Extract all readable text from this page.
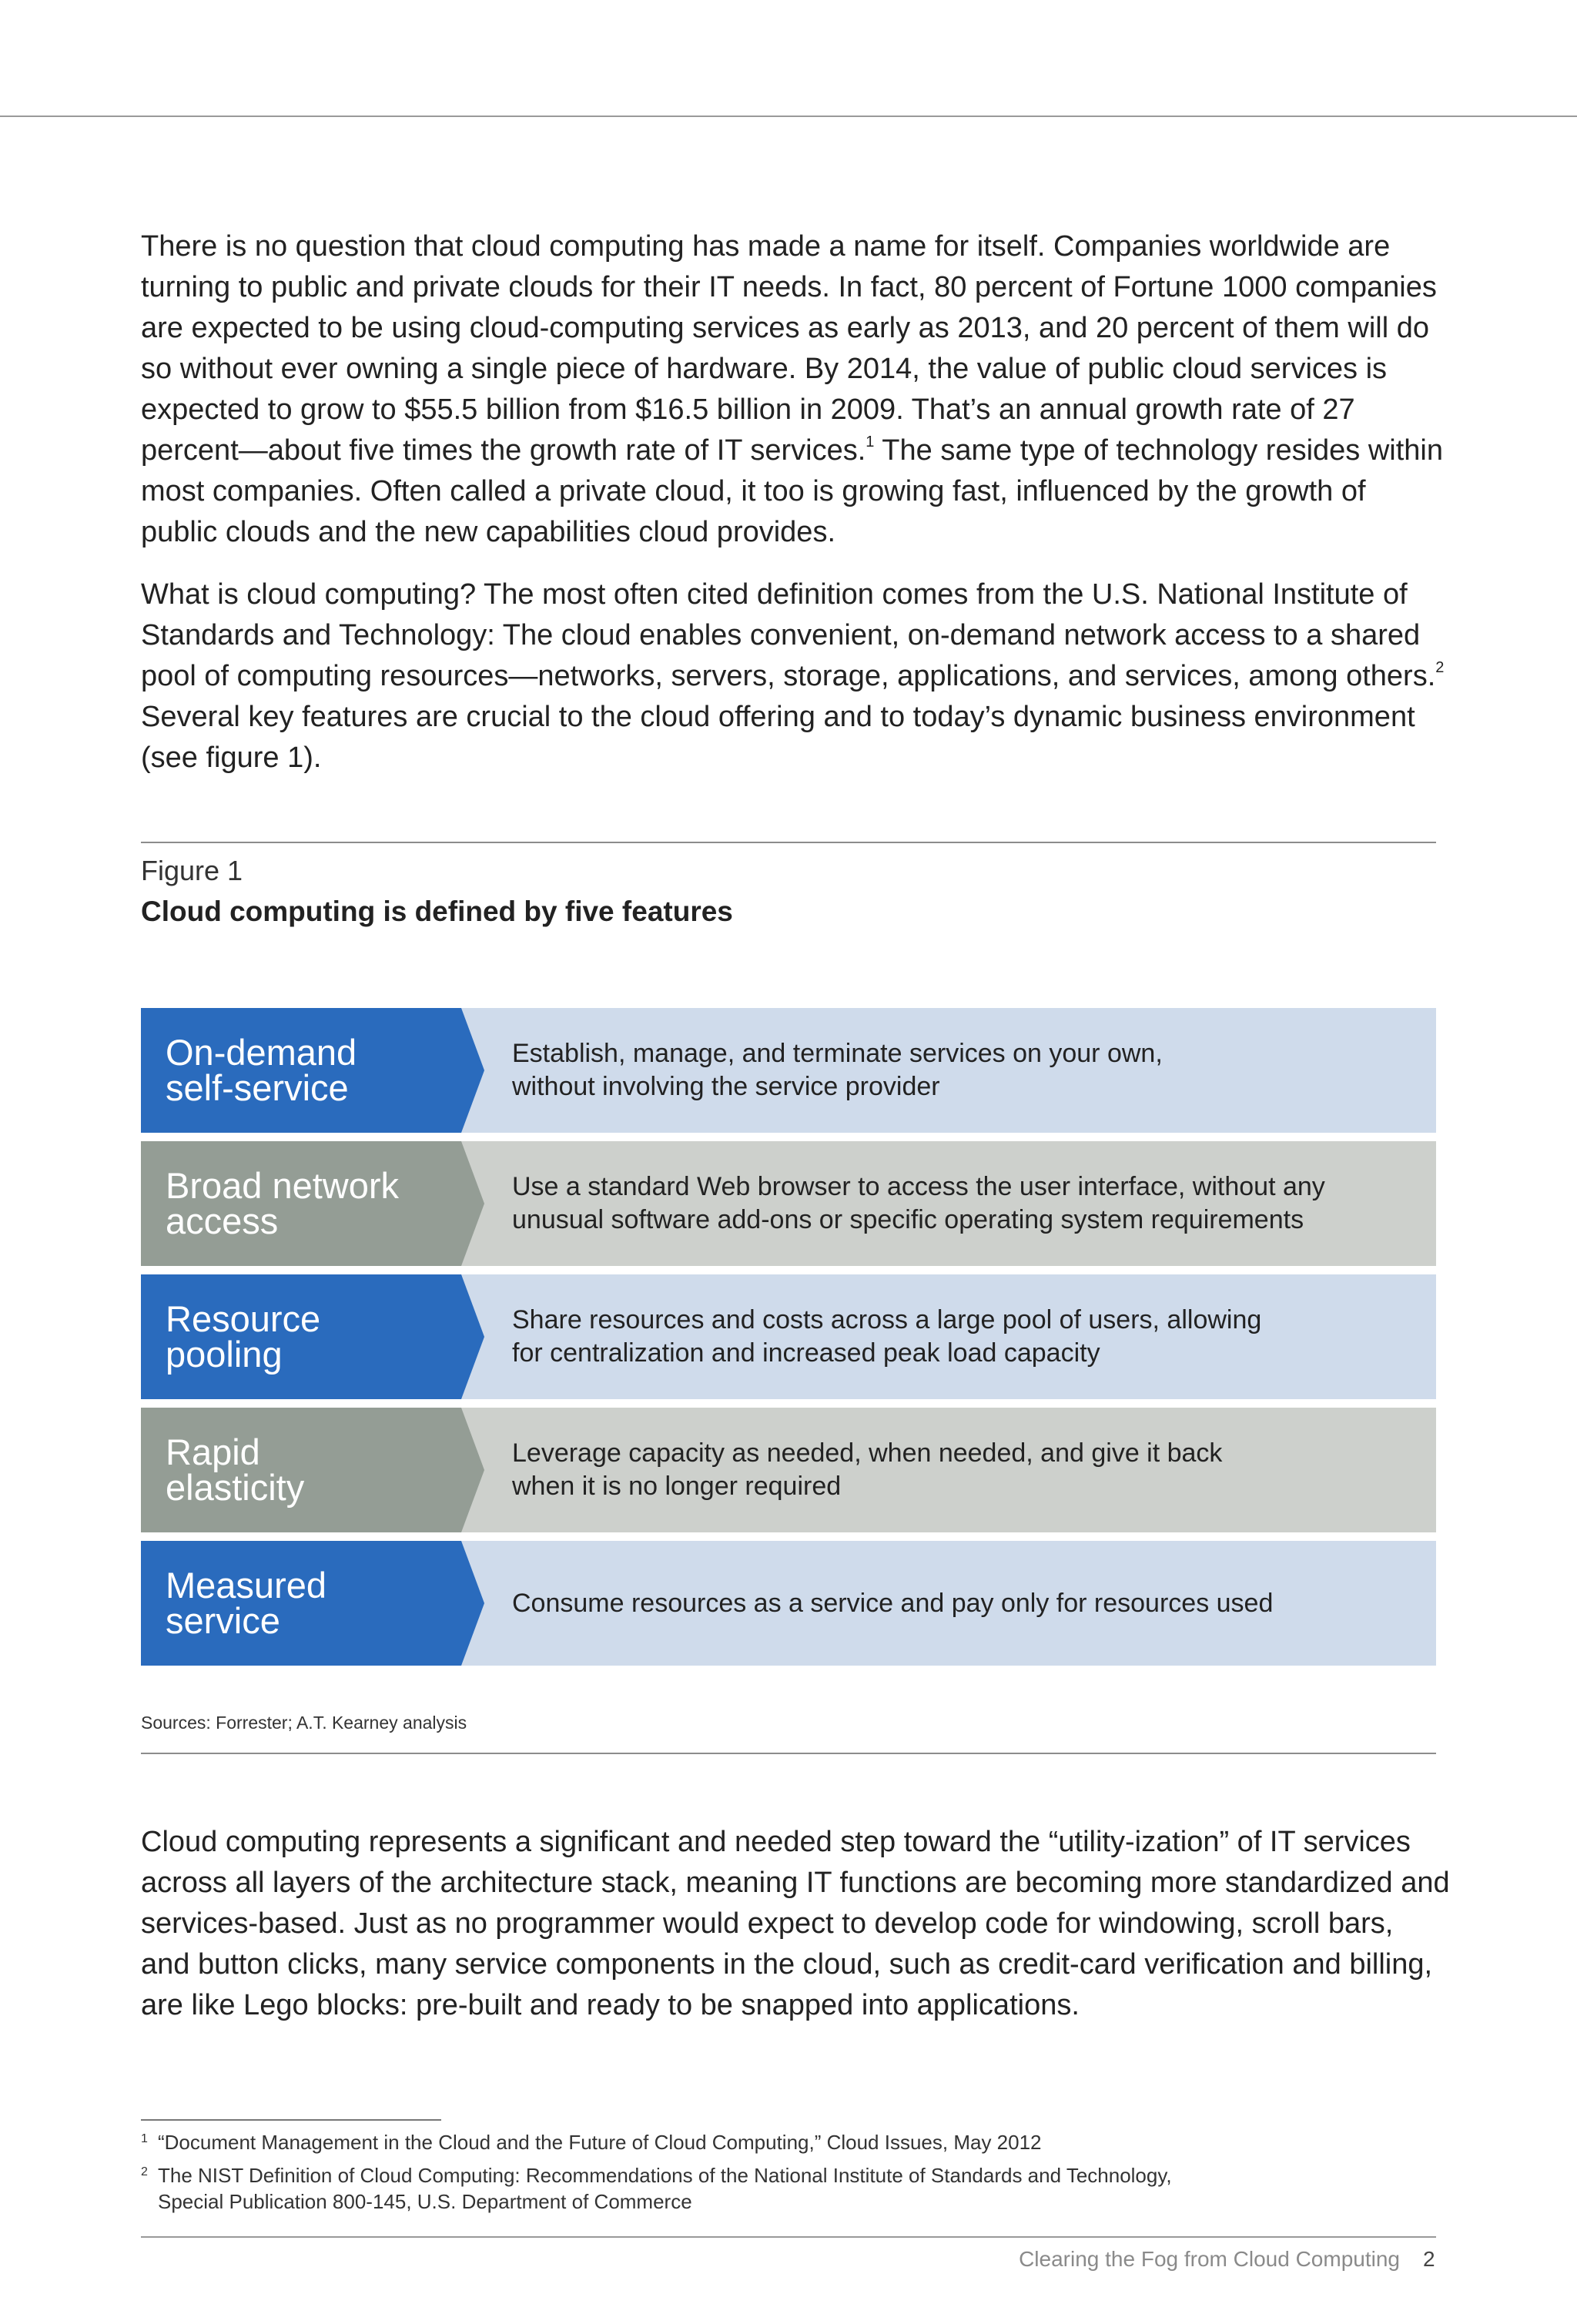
There is no question that cloud computing has made a name for itself. Companies worldwide are turning to public and private clouds for their IT needs. In fact, 80 percent of Fortune 1000 companies are expected to be using cloud-computing services as early as 2013, and 20 percent of them will do so without ever owning a single piece of hardware. By 2014, the value of public cloud services is expected to grow to $55.5 billion from $16.5 billion in 2009. That’s an annual growth rate of 27 percent—about five times the growth rate of IT services.$^1$ The same type of technology resides within most companies. Often called a private cloud, it too is growing fast, influenced by the growth of public clouds and the new capabilities cloud provides.

What is cloud computing? The most often cited definition comes from the U.S. National Institute of Standards and Technology: The cloud enables convenient, on-demand network access to a shared pool of computing resources—networks, servers, storage, applications, and services, among others.$^2$ Several key features are crucial to the cloud offering and to today’s dynamic business environment (see figure 1).

Figure 1
Cloud computing is defined by five features
On-demand
self-service
Establish, manage, and terminate services on your own,
without involving the service provider
Broad network
access
Use a standard Web browser to access the user interface, without any
unusual software add-ons or specific operating system requirements
Resource
pooling
Share resources and costs across a large pool of users, allowing
for centralization and increased peak load capacity
Rapid
elasticity
Leverage capacity as needed, when needed, and give it back
when it is no longer required
Measured
service	Consume resources as a service and pay only for resources used
Sources: Forrester; A.T. Kearney analysis

Cloud computing represents a significant and needed step toward the “utility-ization” of IT services across all layers of the architecture stack, meaning IT functions are becoming more standardized and services-based. Just as no programmer would expect to develop code for windowing, scroll bars, and button clicks, many service components in the cloud, such as credit-card verification and billing, are like Lego blocks: pre-built and ready to be snapped into applications.

1 “Document Management in the Cloud and the Future of Cloud Computing,” Cloud Issues, May 2012
2 The NIST Definition of Cloud Computing: Recommendations of the National Institute of Standards and Technology,
Special Publication 800-145, U.S. Department of Commerce
Clearing the Fog from Cloud Computing 2
